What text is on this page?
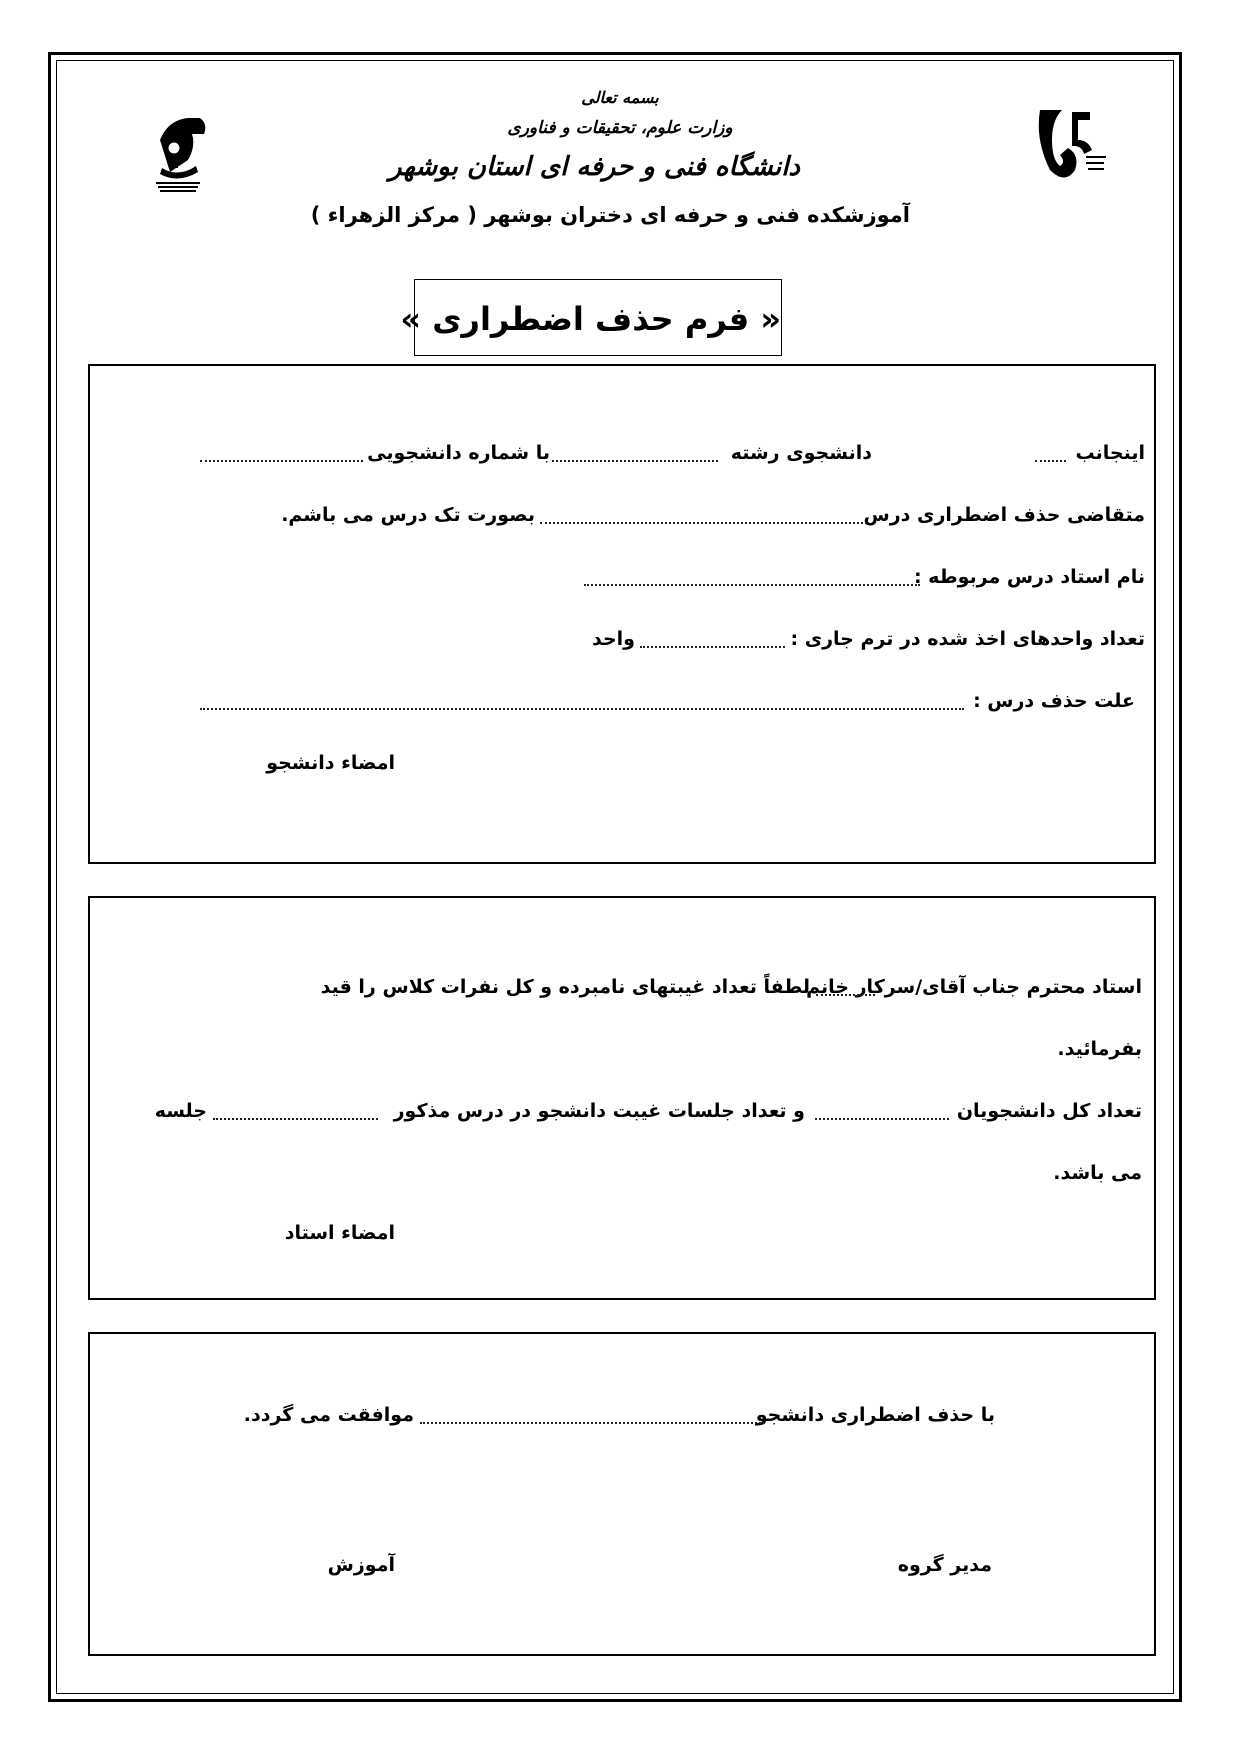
بسمه تعالی
وزارت علوم، تحقیقات و فناوری
دانشگاه فنی و حرفه ای استان بوشهر
آموزشکده فنی و حرفه ای دختران بوشهر ( مرکز الزهراء )
« فرم حذف اضطراری »
اینجانب
دانشجوی رشته
با شماره دانشجویی
متقاضی حذف اضطراری درس
بصورت تک درس می باشم.
نام استاد درس مربوطه :
تعداد واحدهای اخذ شده در ترم جاری :
واحد
علت حذف درس :
امضاء دانشجو
استاد محترم جناب آقای/سرکار خانم
لطفاً تعداد غیبتهای نامبرده و کل نفرات کلاس را قید
بفرمائید.
تعداد کل دانشجویان
و تعداد جلسات غیبت دانشجو در درس مذکور
جلسه
می باشد.
امضاء استاد
با حذف اضطراری دانشجو
موافقت می گردد.
مدیر گروه
آموزش
